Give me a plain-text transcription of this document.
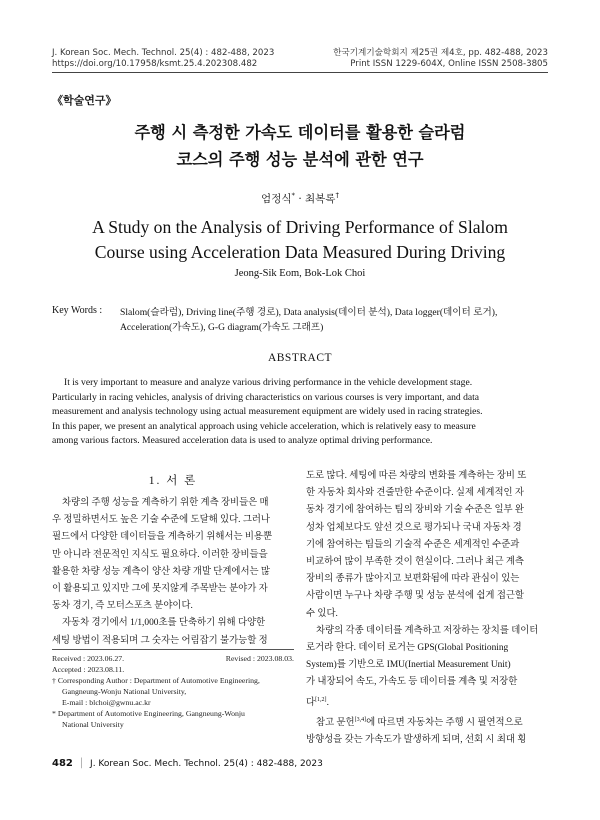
J. Korean Soc. Mech. Technol. 25(4) : 482-488, 2023
https://doi.org/10.17958/ksmt.25.4.202308.482
한국기계기술학회지 제25권 제4호, pp. 482-488, 2023
Print ISSN 1229-604X, Online ISSN 2508-3805
《학술연구》
주행 시 측정한 가속도 데이터를 활용한 슬라럼
코스의 주행 성능 분석에 관한 연구
엄정식* · 최복록†
A Study on the Analysis of Driving Performance of Slalom
Course using Acceleration Data Measured During Driving
Jeong-Sik Eom, Bok-Lok Choi
Key Words : Slalom(슬라럼), Driving line(주행 경로), Data analysis(데이터 분석), Data logger(데이터 로거),
Acceleration(가속도), G-G diagram(가속도 그래프)
ABSTRACT
It is very important to measure and analyze various driving performance in the vehicle development stage.
Particularly in racing vehicles, analysis of driving characteristics on various courses is very important, and data
measurement and analysis technology using actual measurement equipment are widely used in racing strategies.
In this paper, we present an analytical approach using vehicle acceleration, which is relatively easy to measure
among various factors. Measured acceleration data is used to analyze optimal driving performance.
1. 서 론
차량의 주행 성능을 계측하기 위한 계측 장비들은 매
우 정밀하면서도 높은 기술 수준에 도달해 있다. 그러나
필드에서 다양한 데이터들을 계측하기 위해서는 비용뿐
만 아니라 전문적인 지식도 필요하다. 이러한 장비들을
활용한 차량 성능 계측이 양산 차량 개발 단계에서는 많
이 활용되고 있지만 그에 못지않게 주목받는 분야가 자
동차 경기, 즉 모터스포츠 분야이다.
자동차 경기에서 1/1,000초를 단축하기 위해 다양한
세팅 방법이 적용되며 그 숫자는 어림잡기 불가능할 정
Received : 2023.06.27.	Revised : 2023.08.03.
Accepted : 2023.08.11.
† Corresponding Author : Department of Automotive Engineering,
Gangneung-Wonju National University,
E-mail : blchoi@gwnu.ac.kr
* Department of Automotive Engineering, Gangneung-Wonju
National University
도로 많다. 세팅에 따른 차량의 변화를 계측하는 장비 또
한 자동차 회사와 견줄만한 수준이다. 실제 세계적인 자
동차 경기에 참여하는 팀의 장비와 기술 수준은 일부 완
성차 업체보다도 앞선 것으로 평가되나 국내 자동차 경
기에 참여하는 팀들의 기술적 수준은 세계적인 수준과
비교하여 많이 부족한 것이 현실이다. 그러나 최근 계측
장비의 종류가 많아지고 보편화됨에 따라 관심이 있는
사람이면 누구나 차량 주행 및 성능 분석에 쉽게 접근할
수 있다.
차량의 각종 데이터를 계측하고 저장하는 장치를 데이터
로거라 한다. 데이터 로거는 GPS(Global Positioning
System)를 기반으로 IMU(Inertial Measurement Unit)
가 내장되어 속도, 가속도 등 데이터를 계측 및 저장한
다[1,2].
참고 문헌[3,4]에 따르면 자동차는 주행 시 필연적으로
방향성을 갖는 가속도가 발생하게 되며, 선회 시 최대 횡
482 │ J. Korean Soc. Mech. Technol. 25(4) : 482-488, 2023
